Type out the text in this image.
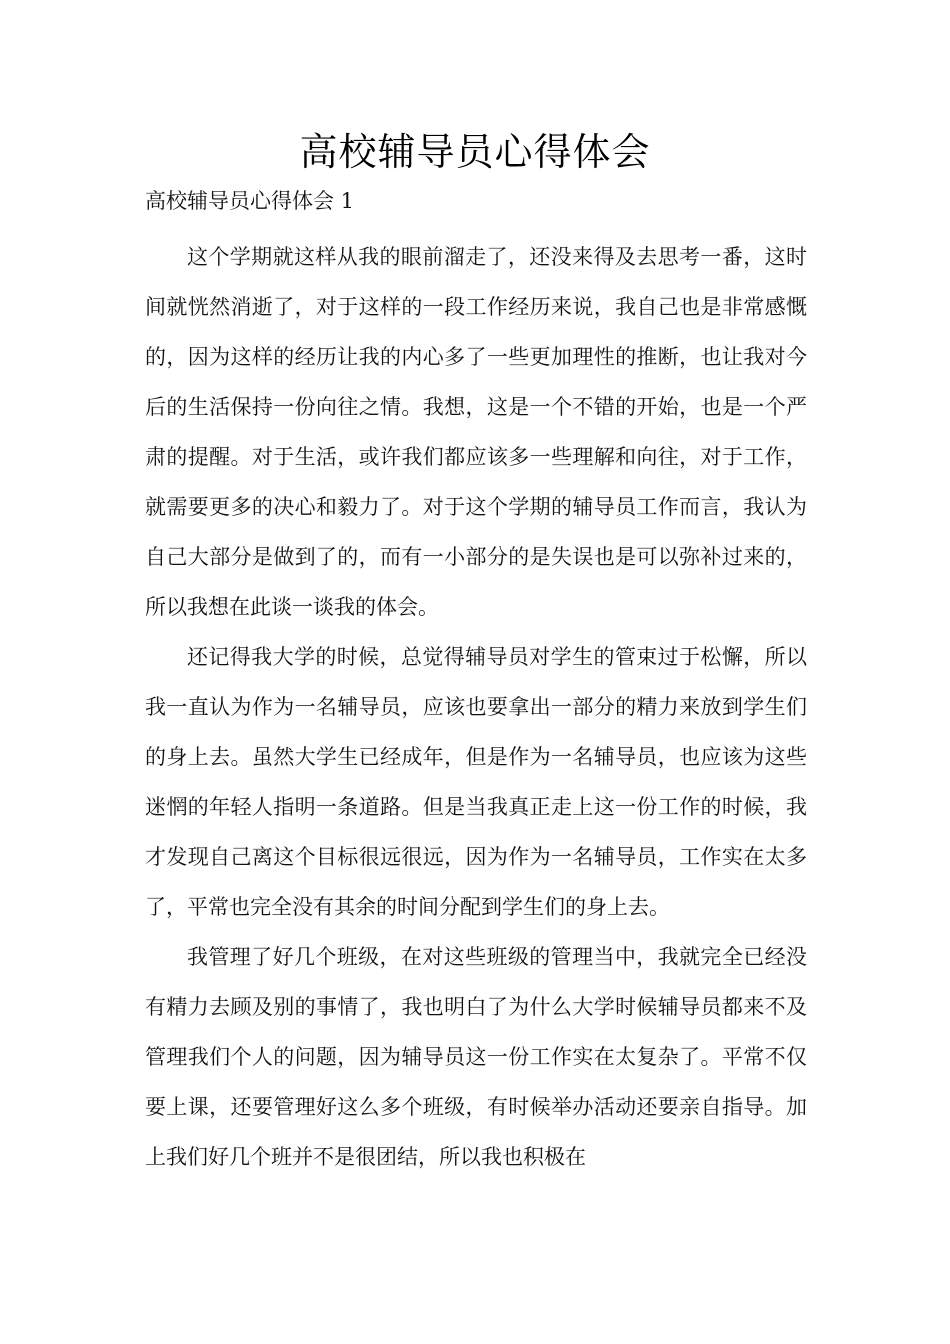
高校辅导员心得体会
高校辅导员心得体会 1

这个学期就这样从我的眼前溜走了，还没来得及去思考一番，这时间就恍然消逝了，对于这样的一段工作经历来说，我自己也是非常感慨的，因为这样的经历让我的内心多了一些更加理性的推断，也让我对今后的生活保持一份向往之情。我想，这是一个不错的开始，也是一个严肃的提醒。对于生活，或许我们都应该多一些理解和向往，对于工作，就需要更多的决心和毅力了。对于这个学期的辅导员工作而言，我认为自己大部分是做到了的，而有一小部分的是失误也是可以弥补过来的，所以我想在此谈一谈我的体会。

还记得我大学的时候，总觉得辅导员对学生的管束过于松懈，所以我一直认为作为一名辅导员，应该也要拿出一部分的精力来放到学生们的身上去。虽然大学生已经成年，但是作为一名辅导员，也应该为这些迷惘的年轻人指明一条道路。但是当我真正走上这一份工作的时候，我才发现自己离这个目标很远很远，因为作为一名辅导员，工作实在太多了，平常也完全没有其余的时间分配到学生们的身上去。

我管理了好几个班级，在对这些班级的管理当中，我就完全已经没有精力去顾及别的事情了，我也明白了为什么大学时候辅导员都来不及管理我们个人的问题，因为辅导员这一份工作实在太复杂了。平常不仅要上课，还要管理好这么多个班级，有时候举办活动还要亲自指导。加上我们好几个班并不是很团结，所以我也积极在
